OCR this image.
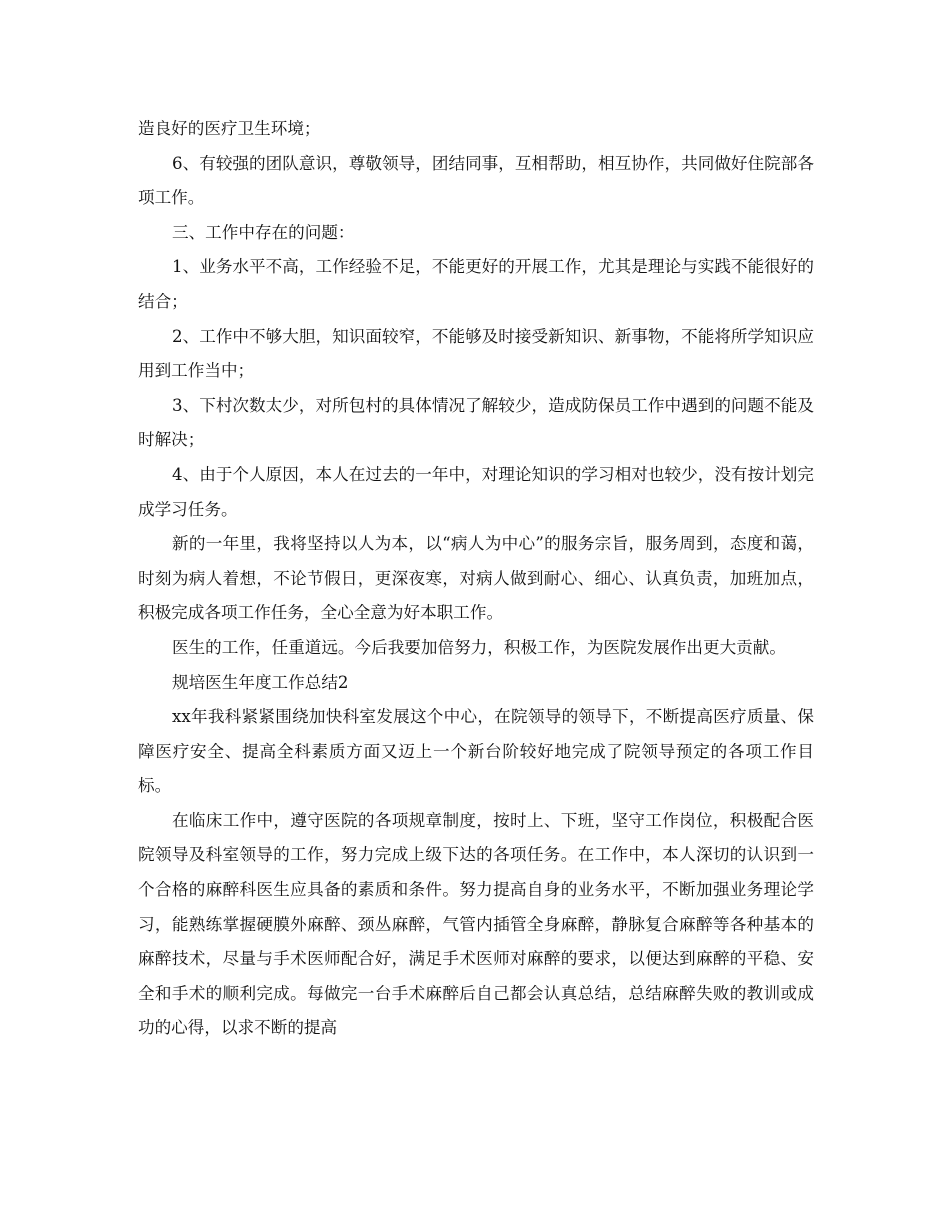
造良好的医疗卫生环境；

6、有较强的团队意识，尊敬领导，团结同事，互相帮助，相互协作，共同做好住院部各项工作。

三、工作中存在的问题：

1、业务水平不高，工作经验不足，不能更好的开展工作，尤其是理论与实践不能很好的结合；

2、工作中不够大胆，知识面较窄，不能够及时接受新知识、新事物，不能将所学知识应用到工作当中；

3、下村次数太少，对所包村的具体情况了解较少，造成防保员工作中遇到的问题不能及时解决；

4、由于个人原因，本人在过去的一年中，对理论知识的学习相对也较少，没有按计划完成学习任务。

新的一年里，我将坚持以人为本，以“病人为中心”的服务宗旨，服务周到，态度和蔼，时刻为病人着想，不论节假日，更深夜寒，对病人做到耐心、细心、认真负责，加班加点，积极完成各项工作任务，全心全意为好本职工作。

医生的工作，任重道远。今后我要加倍努力，积极工作，为医院发展作出更大贡献。

规培医生年度工作总结2

xx年我科紧紧围绕加快科室发展这个中心，在院领导的领导下，不断提高医疗质量、保障医疗安全、提高全科素质方面又迈上一个新台阶较好地完成了院领导预定的各项工作目标。

在临床工作中，遵守医院的各项规章制度，按时上、下班，坚守工作岗位，积极配合医院领导及科室领导的工作，努力完成上级下达的各项任务。在工作中，本人深切的认识到一个合格的麻醉科医生应具备的素质和条件。努力提高自身的业务水平，不断加强业务理论学习，能熟练掌握硬膜外麻醉、颈丛麻醉，气管内插管全身麻醉，静脉复合麻醉等各种基本的麻醉技术，尽量与手术医师配合好，满足手术医师对麻醉的要求，以便达到麻醉的平稳、安全和手术的顺利完成。每做完一台手术麻醉后自己都会认真总结，总结麻醉失败的教训或成功的心得，以求不断的提高
